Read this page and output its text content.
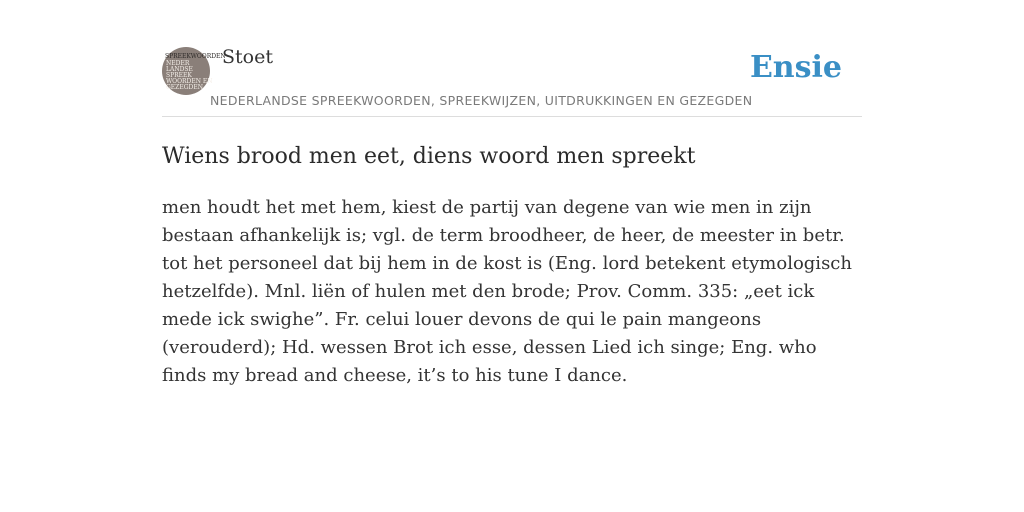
SPREEKWOORDEN
NEDER
LANDSE
SPREEK
WOORDEN EN
GEZEGDEN
Stoet	Ensie
NEDERLANDSE SPREEKWOORDEN, SPREEKWIJZEN, UITDRUKKINGEN EN GEZEGDEN
Wiens brood men eet, diens woord men spreekt

men houdt het met hem, kiest de partij van degene van wie men in zijn bestaan afhankelijk is; vgl. de term broodheer, de heer, de meester in betr. tot het personeel dat bij hem in de kost is (Eng. lord betekent etymologisch hetzelfde). Mnl. liën of hulen met den brode; Prov. Comm. 335: „eet ick mede ick swighe”. Fr. celui louer devons de qui le pain mangeons (verouderd); Hd. wessen Brot ich esse, dessen Lied ich singe; Eng. who finds my bread and cheese, it’s to his tune I dance.
